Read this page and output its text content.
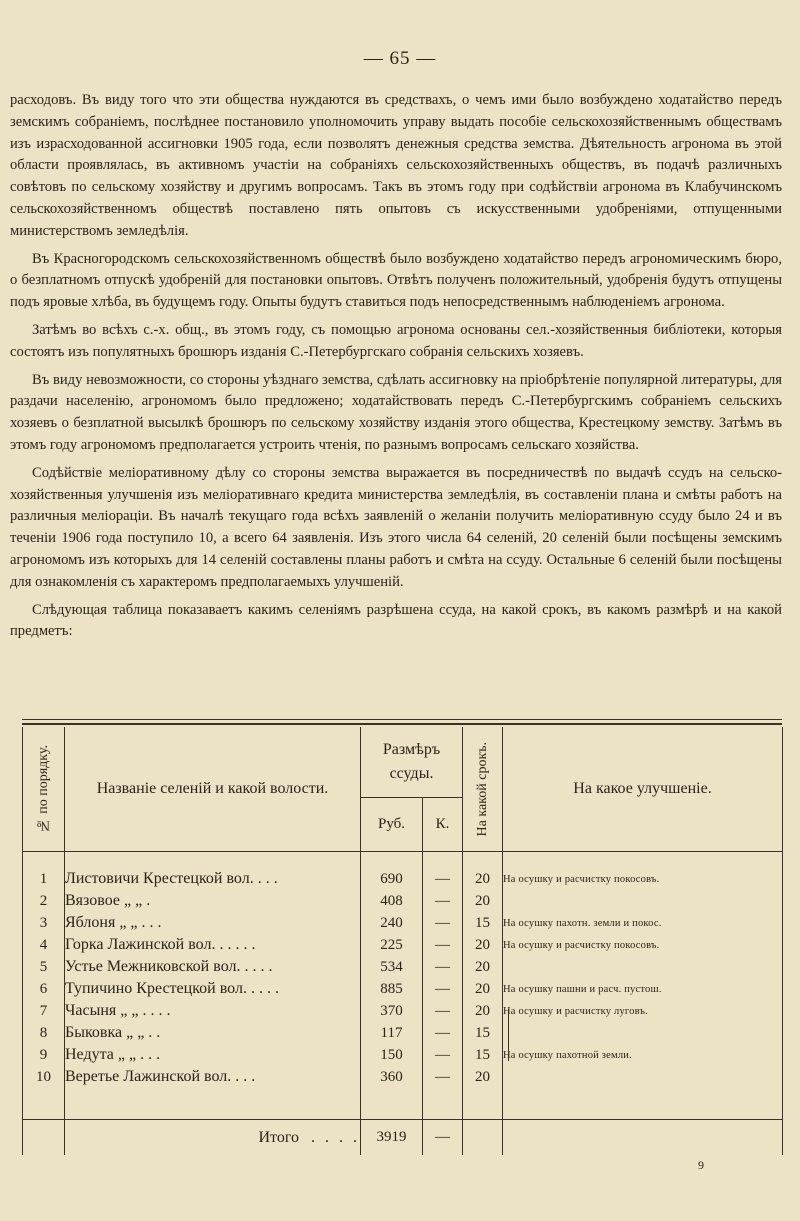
— 65 —

расходовъ. Въ виду того что эти общества нуждаются въ средствахъ, о чемъ ими было возбуждено ходатайство передъ земскимъ собраніемъ, послѣднее постановило уполномочить управу выдать пособіе сельскохозяйственнымъ обществамъ изъ израсходованной ассигновки 1905 года, если позволятъ денежныя средства земства. Дѣятельность агронома въ этой области проявлялась, въ активномъ участіи на собраніяхъ сельскохозяйственныхъ обществъ, въ подачѣ различныхъ совѣтовъ по сельскому хозяйству и другимъ вопросамъ. Такъ въ этомъ году при содѣйствіи агронома въ Клабучинскомъ сельскохозяйственномъ обществѣ поставлено пять опытовъ съ искусственными удобреніями, отпущенными министерствомъ земледѣлія.

Въ Красногородскомъ сельскохозяйственномъ обществѣ было возбуждено ходатайство передъ агрономическимъ бюро, о безплатномъ отпускѣ удобреній для постановки опытовъ. Отвѣтъ полученъ положительный, удобренія будутъ отпущены подъ яровые хлѣба, въ будущемъ году. Опыты будутъ ставиться подъ непосредственнымъ наблюденіемъ агронома.

Затѣмъ во всѣхъ с.-х. общ., въ этомъ году, съ помощью агронома основаны сел.-хозяйственныя библіотеки, которыя состоятъ изъ популятныхъ брошюръ изданія С.-Петербургскаго собранія сельскихъ хозяевъ.

Въ виду невозможности, со стороны уѣзднаго земства, сдѣлать ассигновку на пріобрѣтеніе популярной литературы, для раздачи населенію, агрономомъ было предложено; ходатайствовать передъ С.-Петербургскимъ собраніемъ сельскихъ хозяевъ о безплатной высылкѣ брошюръ по сельскому хозяйству изданія этого общества, Крестецкому земству. Затѣмъ въ этомъ году агрономомъ предполагается устроить чтенія, по разнымъ вопросамъ сельскаго хозяйства.

Содѣйствіе меліоративному дѣлу со стороны земства выражается въ посредничествѣ по выдачѣ ссудъ на сельско-хозяйственныя улучшенія изъ меліоративнаго кредита министерства земледѣлія, въ составленіи плана и смѣты работъ на различныя меліораціи. Въ началѣ текущаго года всѣхъ заявленій о желаніи получить меліоративную ссуду было 24 и въ теченіи 1906 года поступило 10, а всего 64 заявленія. Изъ этого числа 64 селеній, 20 селеній были посѣщены земскимъ агрономомъ изъ которыхъ для 14 селеній составлены планы работъ и смѣта на ссуду. Остальные 6 селеній были посѣщены для ознакомленія съ характеромъ предполагаемыхъ улучшеній.

Слѣдующая таблица показаваетъ какимъ селеніямъ разрѣшена ссуда, на какой срокъ, въ какомъ размѣрѣ и на какой предметъ:

№ по порядку.	Названіе селеній и какой волости.	Размѣръ ссуды.		На какой срокъ.	На какое улучшеніе.

		Руб.	К.		

1	Листовичи Крестецкой вол. . . .	690	—	20	На осушку и расчистку покосовъ.
2	Вязовое „ „ .	408	—	20	
3	Яблоня „ „ . . .	240	—	15	На осушку пахотн. земли и покос.
4	Горка Лажинской вол. . . . . .	225	—	20	На осушку и расчистку покосовъ.
5	Устье Межниковской вол. . . . .	534	—	20	
6	Тупичино Крестецкой вол. . . . .	885	—	20	На осушку пашни и расч. пустош.
7	Часыня „ „ . . . .	370	—	20	На осушку и расчистку луговъ.
8	Быковка „ „ . .	117	—	15	
9	Недута „ „ . . .	150	—	15	На осушку пахотной земли.
10	Веретье Лажинской вол. . . .	360	—	20	

	Итого . . . .	3919	—		
9
